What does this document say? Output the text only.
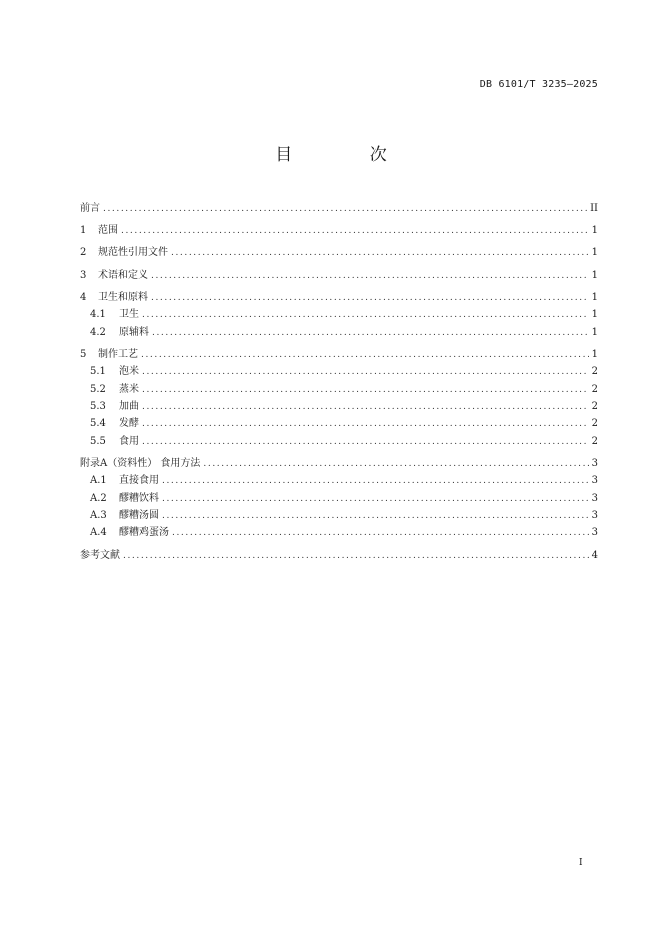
DB 6101/T 3235—2025
目 次
前言 .....	II
1	范围 .....	1
2	规范性引用文件 .....	1
3	术语和定义 .....	1
4	卫生和原料 .....	1
4.1	卫生 .....	1
4.2	原辅料 .....	1
5	制作工艺 .....	1
5.1	泡米 .....	2
5.2	蒸米 .....	2
5.3	加曲 .....	2
5.4	发酵 .....	2
5.5	食用 .....	2
附录A（资料性） 食用方法 .....	3
A.1	直接食用 .....	3
A.2	醪糟饮料 .....	3
A.3	醪糟汤圆 .....	3
A.4	醪糟鸡蛋汤 .....	3
参考文献 .....	4
I
